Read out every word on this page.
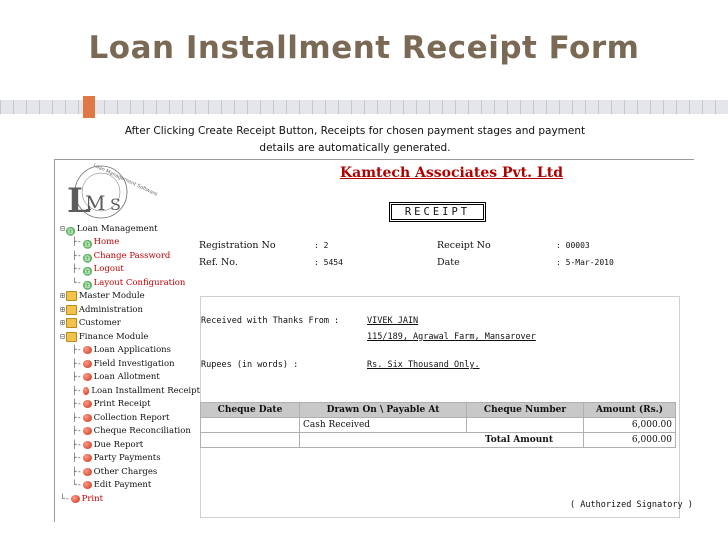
Loan Installment Receipt Form
After Clicking Create Receipt Button, Receipts for chosen payment stages and payment
details are automatically generated.
Loan Management Software
L
M S
⊟ ♎ Loan Management
├- ♎ Home
├- ♎ Change Password
├- ♎ Logout
└- ♎ Layout Configuration
⊞ Master Module
⊞ Administration
⊞ Customer
⊟ Finance Module
├- Loan Applications
├- Field Investigation
├- Loan Allotment
├- Loan Installment Receipt
├- Print Receipt
├- Collection Report
├- Cheque Reconciliation
├- Due Report
├- Party Payments
├- Other Charges
└- Edit Payment
└- Print
Kamtech Associates Pvt. Ltd
RECEIPT
Registration No	: 2
Ref. No.	: 5454
Receipt No	: 00003
Date	: 5-Mar-2010
Received with Thanks From :	VIVEK JAIN
115/189, Agrawal Farm, Mansarover
Rupees (in words) :	Rs. Six Thousand Only.
Cheque Date	Drawn On \ Payable At	Cheque Number	Amount (Rs.)
	Cash Received		6,000.00
	Total Amount		6,000.00
( Authorized Signatory )
